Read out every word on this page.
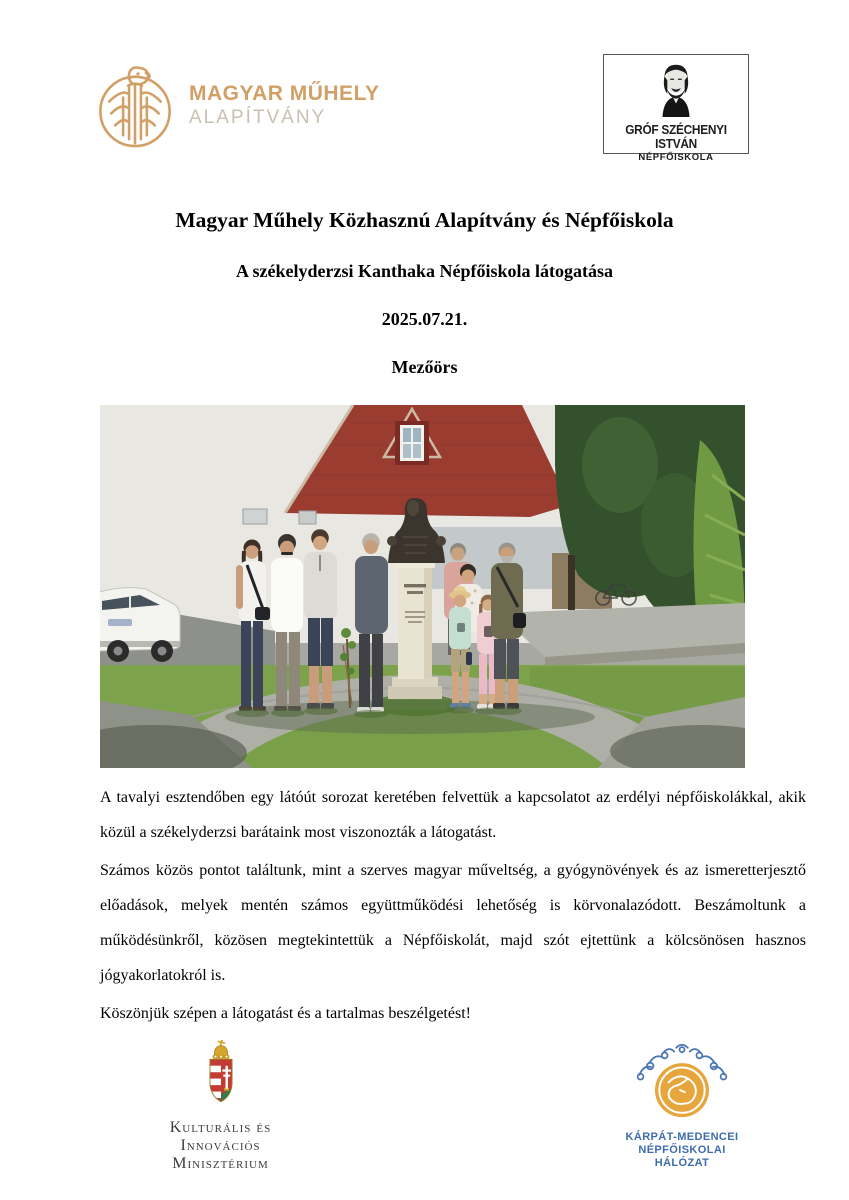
MAGYAR MŰHELY
ALAPÍTVÁNY
GRÓF SZÉCHENYI ISTVÁN
NÉPFŐISKOLA
Magyar Műhely Közhasznú Alapítvány és Népfőiskola
A székelyderzsi Kanthaka Népfőiskola látogatása
2025.07.21.
Mezőörs

A tavalyi esztendőben egy látóút sorozat keretében felvettük a kapcsolatot az erdélyi népfőiskolákkal, akik közül a székelyderzsi barátaink most viszonozták a látogatást.

Számos közös pontot találtunk, mint a szerves magyar műveltség, a gyógynövények és az ismeretterjesztő előadások, melyek mentén számos együttműködési lehetőség is körvonalazódott. Beszámoltunk a működésünkről, közösen megtekintettük a Népfőiskolát, majd szót ejtettünk a kölcsönösen hasznos jógyakorlatokról is.

Köszönjük szépen a látogatást és a tartalmas beszélgetést!

Kulturális és Innovációs
Minisztérium
KÁRPÁT-MEDENCEI
NÉPFŐISKOLAI HÁLÓZAT
